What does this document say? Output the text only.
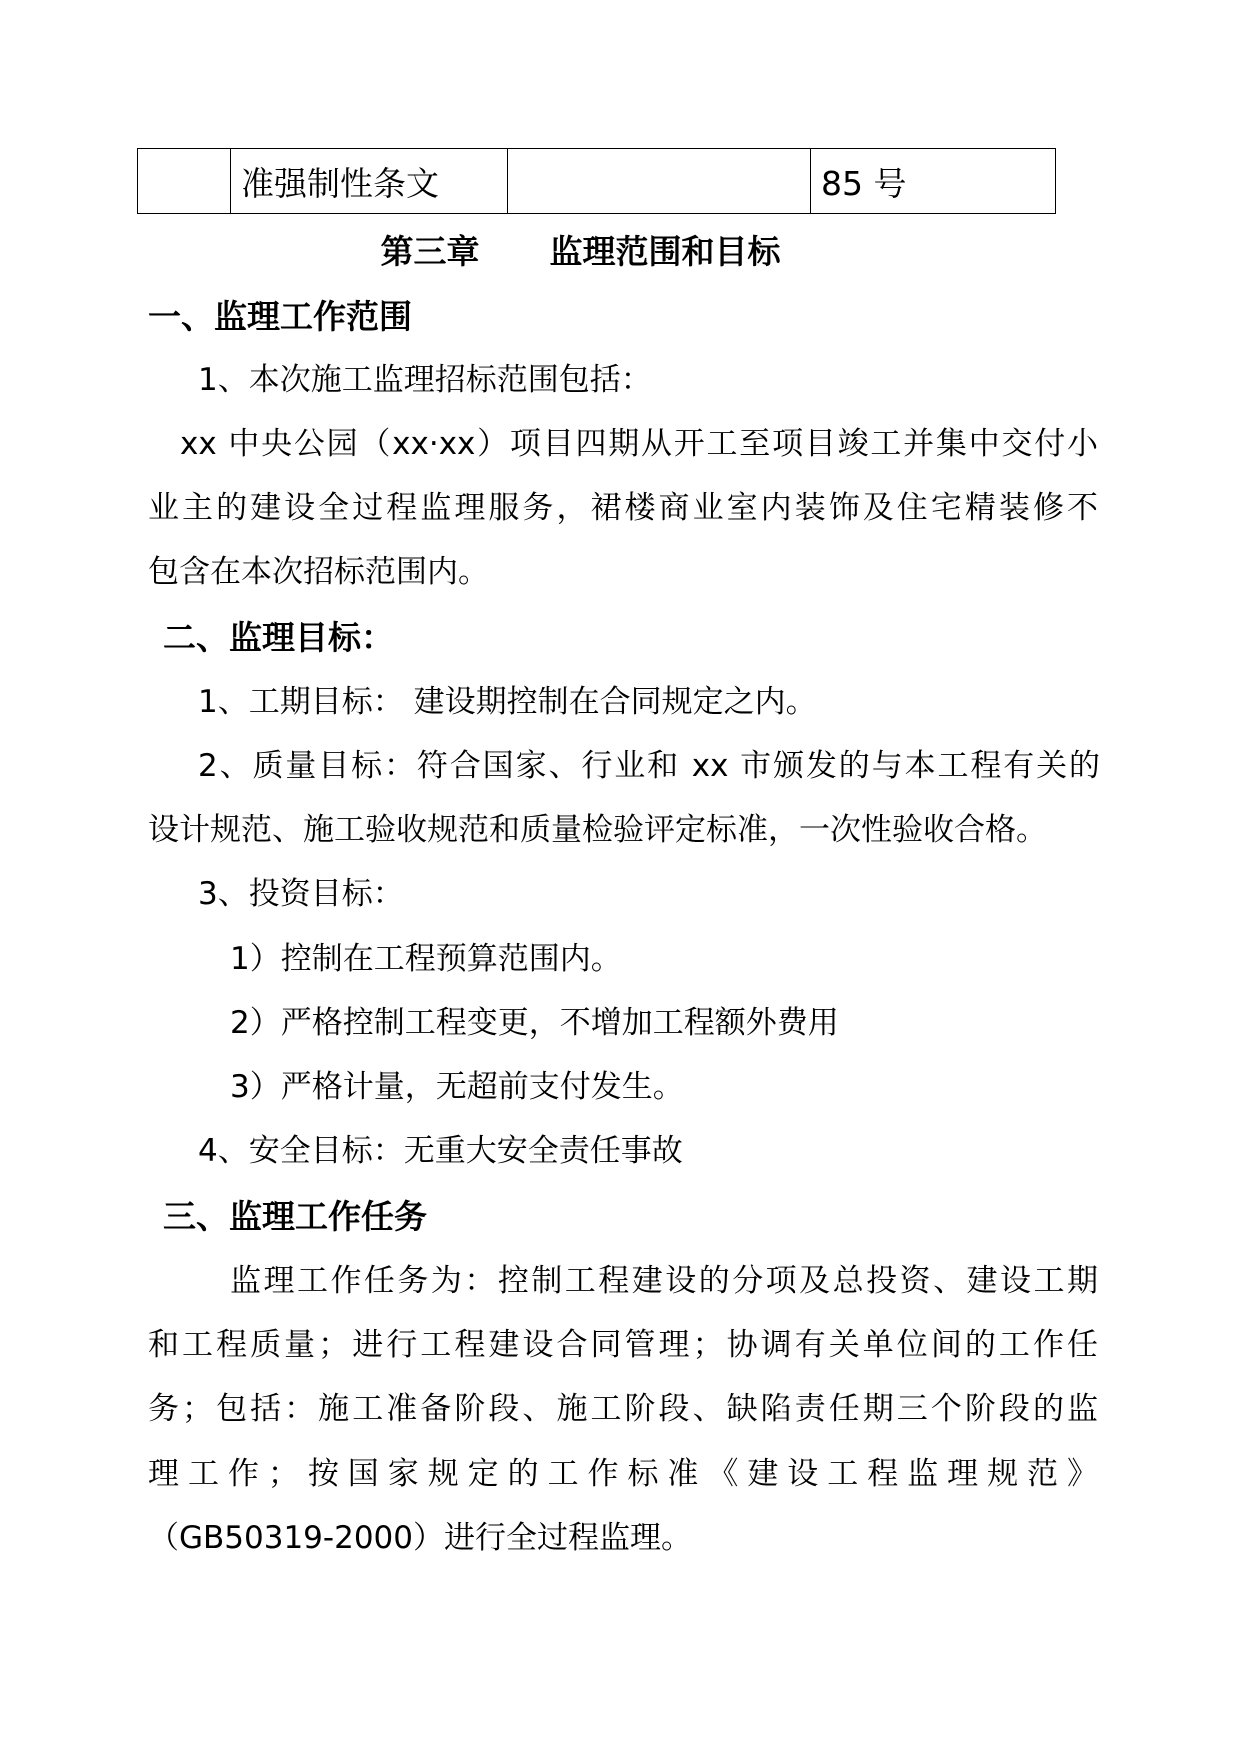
	准强制性条文		85 号
第三章 监理范围和目标
一、监理工作范围
1、本次施工监理招标范围包括：
xx 中央公园（xx·xx）项目四期从开工至项目竣工并集中交付小
业主的建设全过程监理服务，裙楼商业室内装饰及住宅精装修不
包含在本次招标范围内。
二、监理目标：
1、工期目标： 建设期控制在合同规定之内。
2、质量目标：符合国家、行业和 xx 市颁发的与本工程有关的
设计规范、施工验收规范和质量检验评定标准，一次性验收合格。
3、投资目标：
1）控制在工程预算范围内。
2）严格控制工程变更，不增加工程额外费用
3）严格计量，无超前支付发生。
4、安全目标：无重大安全责任事故
三、监理工作任务
监理工作任务为：控制工程建设的分项及总投资、建设工期
和工程质量；进行工程建设合同管理；协调有关单位间的工作任
务；包括：施工准备阶段、施工阶段、缺陷责任期三个阶段的监
理工作；按国家规定的工作标准《建设工程监理规范》
（GB50319-2000）进行全过程监理。
